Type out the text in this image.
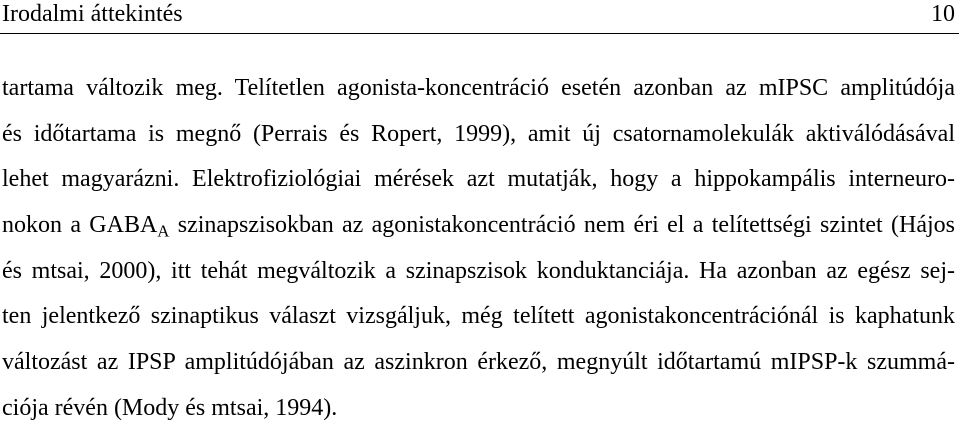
Irodalmi áttekintés	10
tartama változik meg. Telítetlen agonista-koncentráció esetén azonban az mIPSC amplitúdója
és időtartama is megnő (Perrais és Ropert, 1999), amit új csatornamolekulák aktiválódásával
lehet magyarázni. Elektrofiziológiai mérések azt mutatják, hogy a hippokampális interneuro-
nokon a $GABA_A$ szinapszisokban az agonistakoncentráció nem éri el a telítettségi szintet (Hájos
és mtsai, 2000), itt tehát megváltozik a szinapszisok konduktanciája. Ha azonban az egész sej-
ten jelentkező szinaptikus választ vizsgáljuk, még telített agonistakoncentrációnál is kaphatunk
változást az IPSP amplitúdójában az aszinkron érkező, megnyúlt időtartamú mIPSP-k szummá-
ciója révén (Mody és mtsai, 1994).
